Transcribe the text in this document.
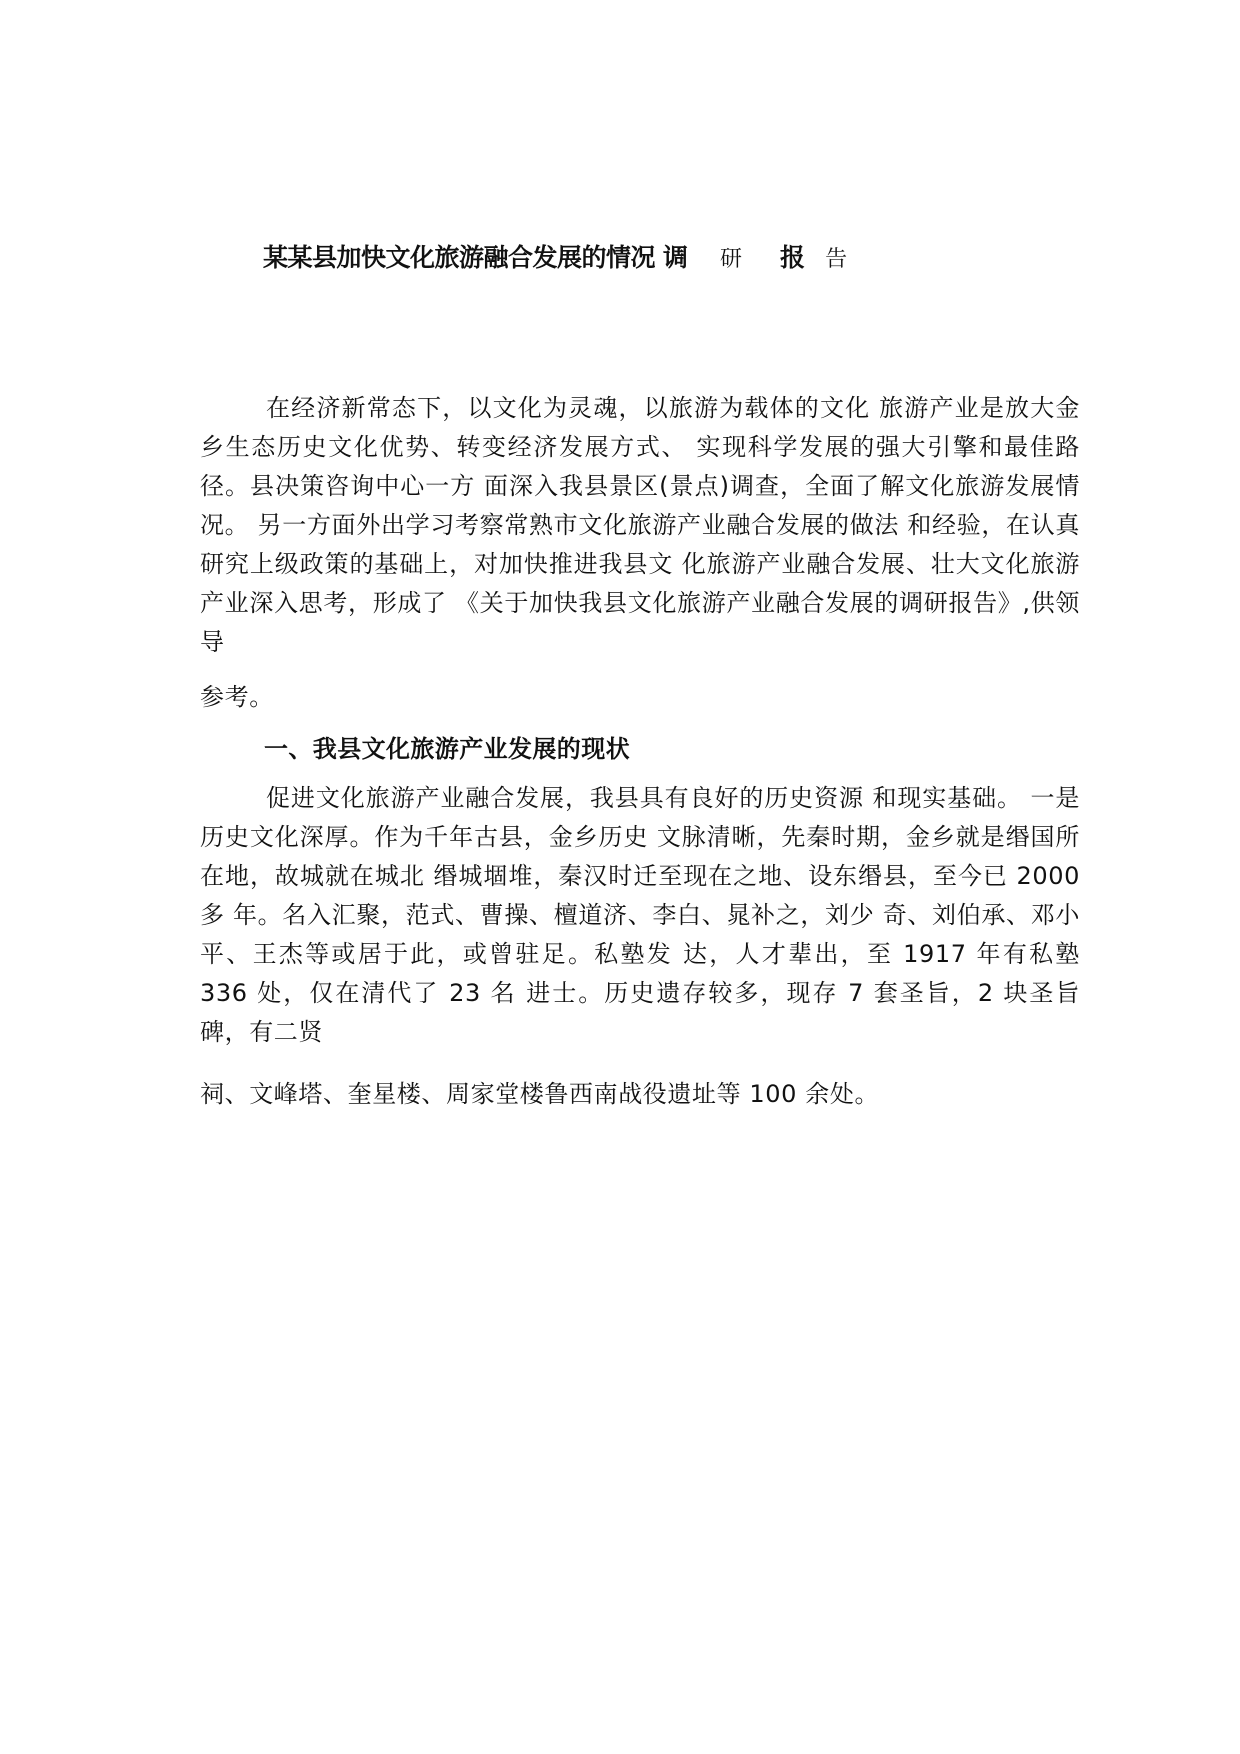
某某县加快文化旅游融合发展的情况 调 研 报 告

在经济新常态下，以文化为灵魂，以旅游为载体的文化 旅游产业是放大金乡生态历史文化优势、转变经济发展方式、 实现科学发展的强大引擎和最佳路径。县决策咨询中心一方 面深入我县景区(景点)调查，全面了解文化旅游发展情况。 另一方面外出学习考察常熟市文化旅游产业融合发展的做法 和经验，在认真研究上级政策的基础上，对加快推进我县文 化旅游产业融合发展、壮大文化旅游产业深入思考，形成了 《关于加快我县文化旅游产业融合发展的调研报告》,供领导

参考。

一、我县文化旅游产业发展的现状

促进文化旅游产业融合发展，我县具有良好的历史资源 和现实基础。 一是历史文化深厚。作为千年古县，金乡历史 文脉清晰，先秦时期，金乡就是缗国所在地，故城就在城北 缗城堌堆，秦汉时迁至现在之地、设东缗县，至今已 2000 多 年。名入汇聚，范式、曹操、檀道济、李白、晁补之，刘少 奇、刘伯承、邓小平、王杰等或居于此，或曾驻足。私塾发 达，人才辈出，至 1917 年有私塾 336 处，仅在清代了 23 名 进士。历史遗存较多，现存 7 套圣旨，2 块圣旨碑，有二贤

祠、文峰塔、奎星楼、周家堂楼鲁西南战役遗址等 100 余处。
